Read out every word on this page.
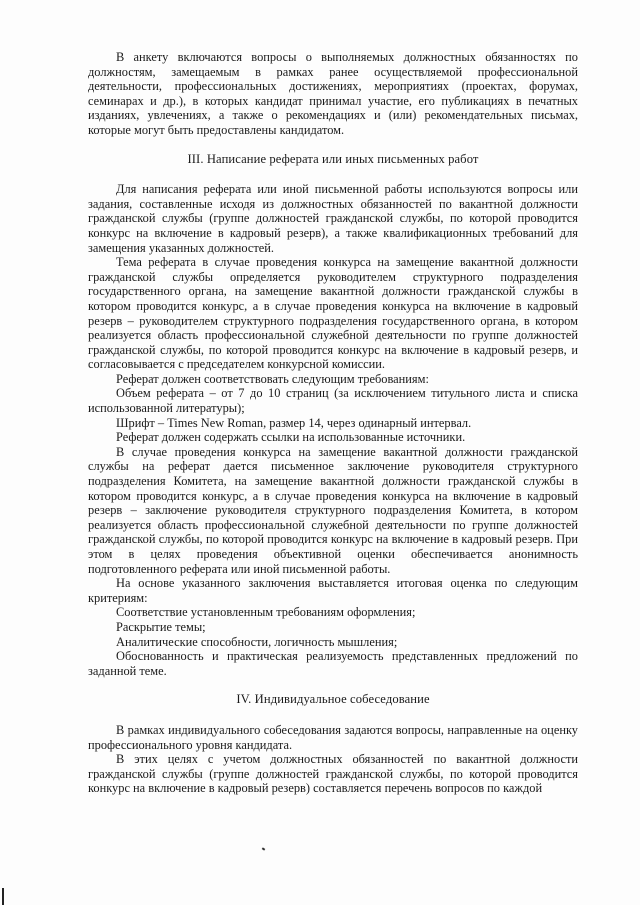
В анкету включаются вопросы о выполняемых должностных обязанностях по должностям, замещаемым в рамках ранее осуществляемой профессиональной деятельности, профессиональных достижениях, мероприятиях (проектах, форумах, семинарах и др.), в которых кандидат принимал участие, его публикациях в печатных изданиях, увлечениях, а также о рекомендациях и (или) рекомендательных письмах, которые могут быть предоставлены кандидатом.

III. Написание реферата или иных письменных работ

Для написания реферата или иной письменной работы используются вопросы или задания, составленные исходя из должностных обязанностей по вакантной должности гражданской службы (группе должностей гражданской службы, по которой проводится конкурс на включение в кадровый резерв), а также квалификационных требований для замещения указанных должностей.

Тема реферата в случае проведения конкурса на замещение вакантной должности гражданской службы определяется руководителем структурного подразделения государственного органа, на замещение вакантной должности гражданской службы в котором проводится конкурс, а в случае проведения конкурса на включение в кадровый резерв – руководителем структурного подразделения государственного органа, в котором реализуется область профессиональной служебной деятельности по группе должностей гражданской службы, по которой проводится конкурс на включение в кадровый резерв, и согласовывается с председателем конкурсной комиссии.

Реферат должен соответствовать следующим требованиям:

Объем реферата – от 7 до 10 страниц (за исключением титульного листа и списка использованной литературы);

Шрифт – Times New Roman, размер 14, через одинарный интервал.

Реферат должен содержать ссылки на использованные источники.

В случае проведения конкурса на замещение вакантной должности гражданской службы на реферат дается письменное заключение руководителя структурного подразделения Комитета, на замещение вакантной должности гражданской службы в котором проводится конкурс, а в случае проведения конкурса на включение в кадровый резерв – заключение руководителя структурного подразделения Комитета, в котором реализуется область профессиональной служебной деятельности по группе должностей гражданской службы, по которой проводится конкурс на включение в кадровый резерв. При этом в целях проведения объективной оценки обеспечивается анонимность подготовленного реферата или иной письменной работы.

На основе указанного заключения выставляется итоговая оценка по следующим критериям:

Соответствие установленным требованиям оформления;

Раскрытие темы;

Аналитические способности, логичность мышления;

Обоснованность и практическая реализуемость представленных предложений по заданной теме.

IV. Индивидуальное собеседование

В рамках индивидуального собеседования задаются вопросы, направленные на оценку профессионального уровня кандидата.

В этих целях с учетом должностных обязанностей по вакантной должности гражданской службы (группе должностей гражданской службы, по которой проводится конкурс на включение в кадровый резерв) составляется перечень вопросов по каждой
